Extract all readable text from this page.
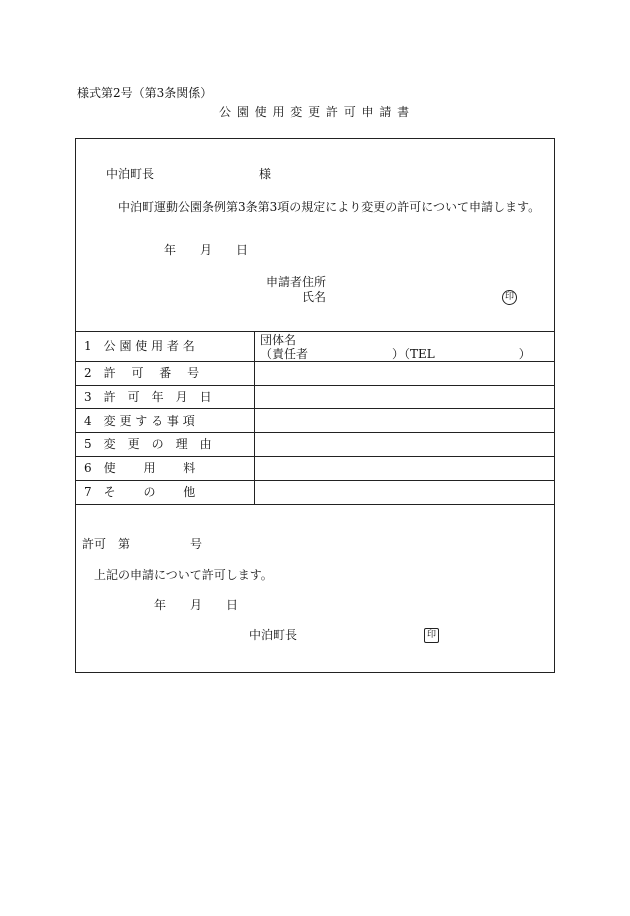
様式第2号（第3条関係）
公 園 使 用 変 更 許 可 申 請 書
中泊町長	様
中泊町運動公園条例第3条第3項の規定により変更の許可について申請します。
年　　月　　日
申請者住所
氏名	印
1　公 園 使 用 者 名	団体名
（責任者　　　　　　　）（TEL　　　　　　　）
2　許　 可　 番　 号
3　許　可　年　月　日
4　変 更 す る 事 項
5　変　更　の　理　由
6　使　　 用　　 料
7　そ　　 の　　 他
許可　第　　　　　号
上記の申請について許可します。
年　　月　　日
中泊町長	印
